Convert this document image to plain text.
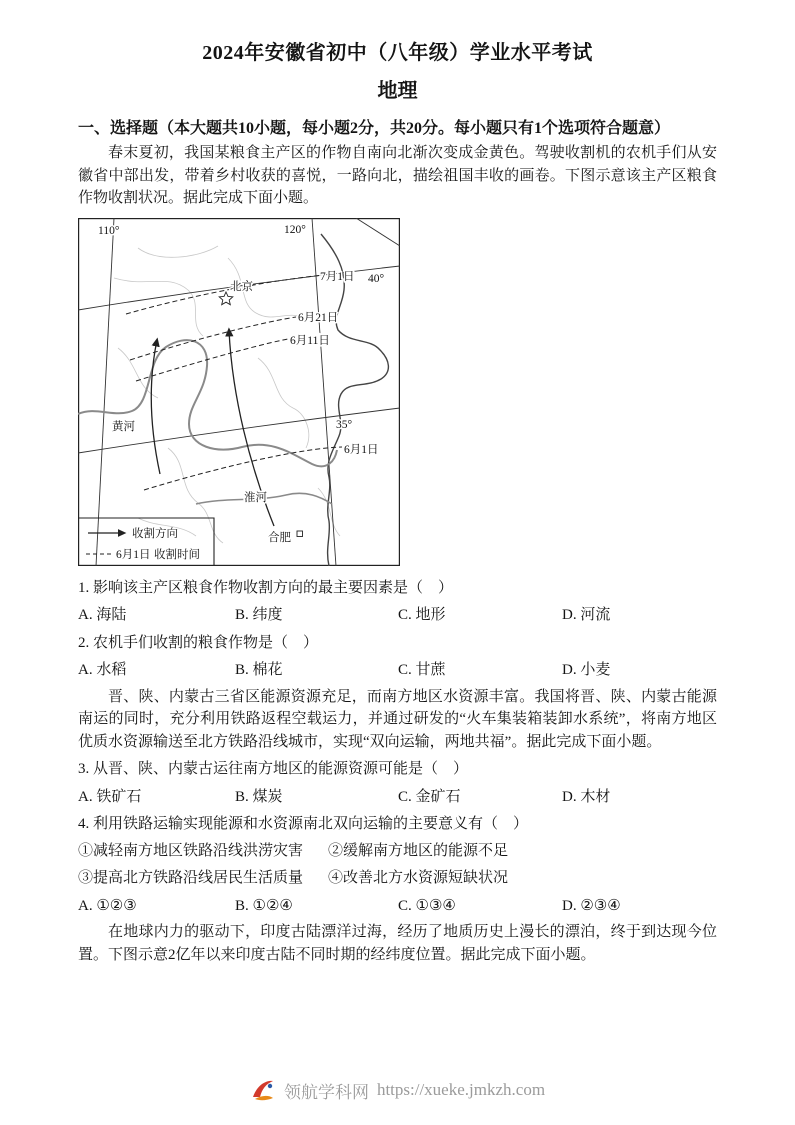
2024年安徽省初中（八年级）学业水平考试
地理
一、选择题（本大题共10小题，每小题2分，共20分。每小题只有1个选项符合题意）

春末夏初，我国某粮食主产区的作物自南向北渐次变成金黄色。驾驶收割机的农机手们从安徽省中部出发，带着乡村收获的喜悦，一路向北，描绘祖国丰收的画卷。下图示意该主产区粮食作物收割状况。据此完成下面小题。

110°	120°
40°
35°
7月1日
6月21日
6月11日
6月1日
北京
黄河
淮河
合肥
收割方向
6月1日 收割时间
1. 影响该主产区粮食作物收割方向的最主要因素是（　）
A. 海陆	B. 纬度	C. 地形	D. 河流
2. 农机手们收割的粮食作物是（　）
A. 水稻	B. 棉花	C. 甘蔗	D. 小麦

晋、陕、内蒙古三省区能源资源充足，而南方地区水资源丰富。我国将晋、陕、内蒙古能源南运的同时，充分利用铁路返程空载运力，并通过研发的“火车集装箱装卸水系统”，将南方地区优质水资源输送至北方铁路沿线城市，实现“双向运输，两地共福”。据此完成下面小题。

3. 从晋、陕、内蒙古运往南方地区的能源资源可能是（　）
A. 铁矿石	B. 煤炭	C. 金矿石	D. 木材
4. 利用铁路运输实现能源和水资源南北双向运输的主要意义有（　）
①减轻南方地区铁路沿线洪涝灾害	②缓解南方地区的能源不足
③提高北方铁路沿线居民生活质量	④改善北方水资源短缺状况
A. ①②③	B. ①②④	C. ①③④	D. ②③④

在地球内力的驱动下，印度古陆漂洋过海，经历了地质历史上漫长的漂泊，终于到达现今位置。下图示意2亿年以来印度古陆不同时期的经纬度位置。据此完成下面小题。

领航学科网 https://xueke.jmkzh.com
